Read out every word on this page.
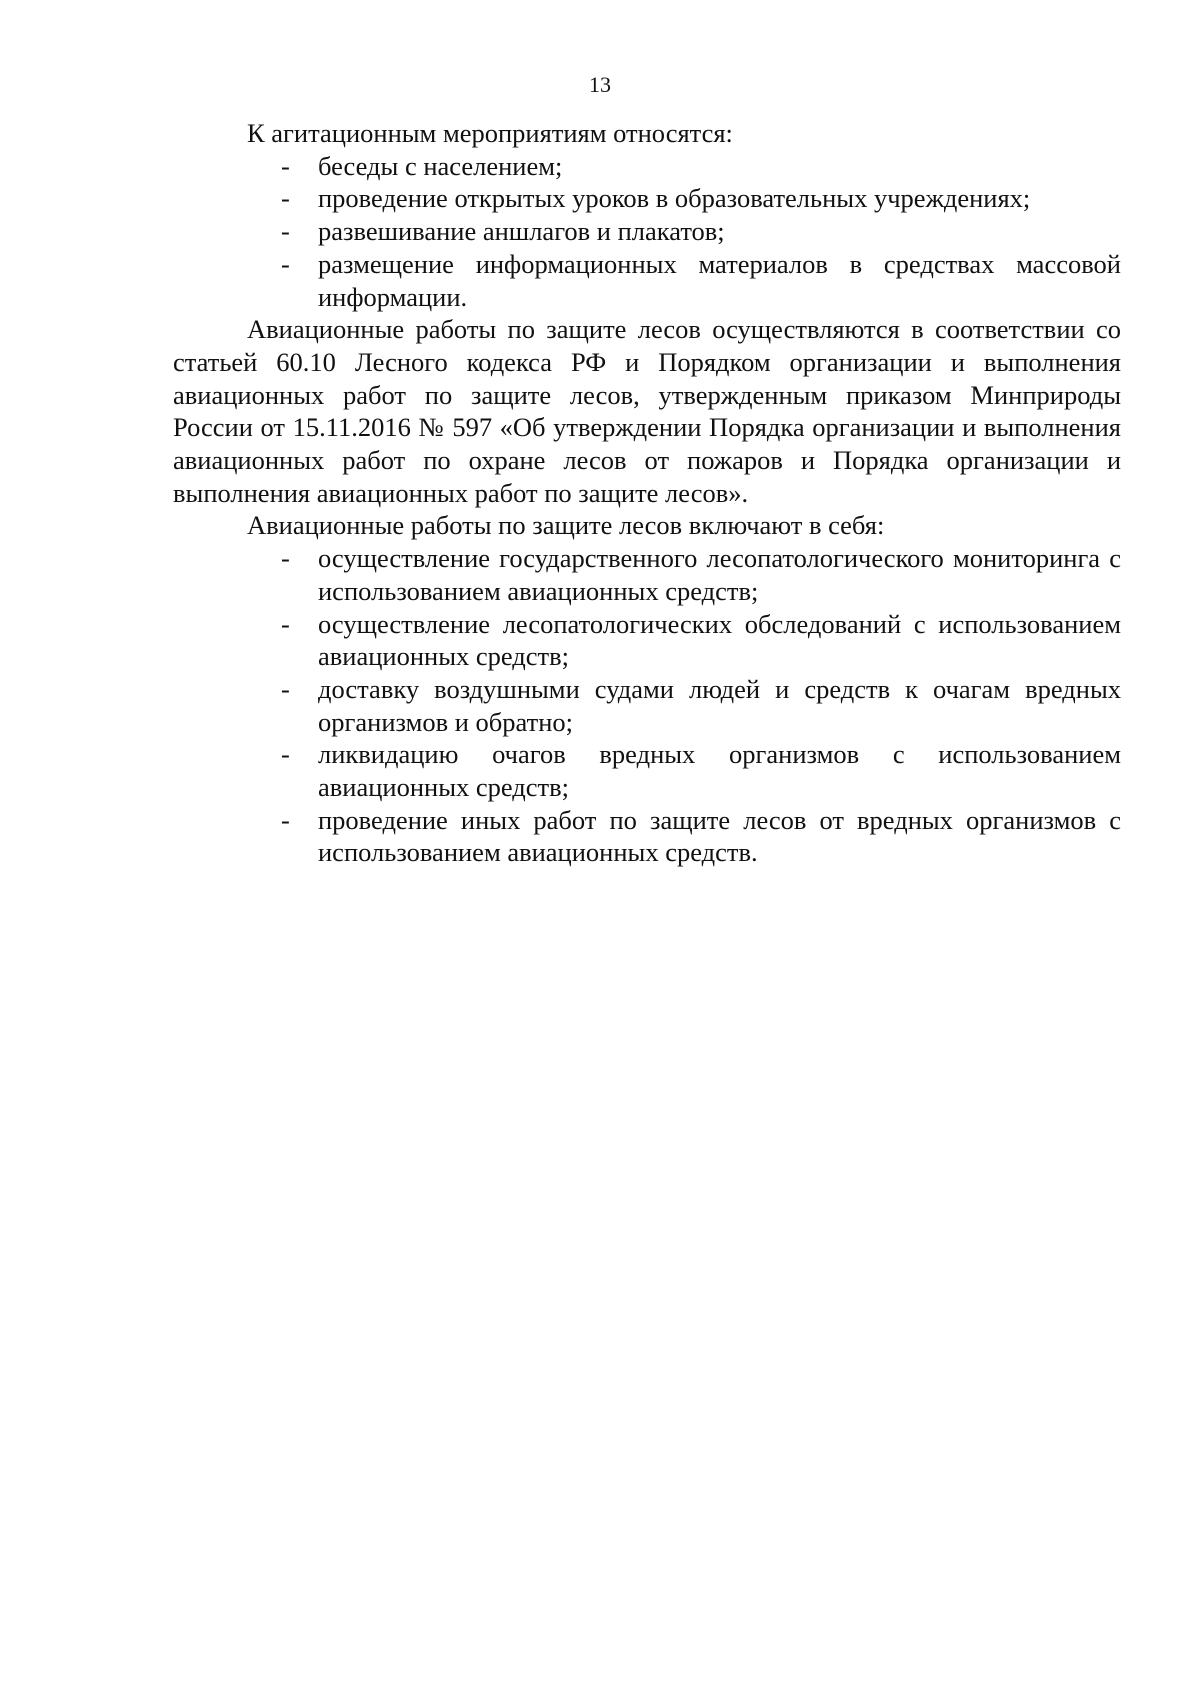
13

К агитационным мероприятиям относятся:

- беседы с населением;
- проведение открытых уроков в образовательных учреждениях;
- развешивание аншлагов и плакатов;
- размещение информационных материалов в средствах массовой информации.

Авиационные работы по защите лесов осуществляются в соответствии со статьей 60.10 Лесного кодекса РФ и Порядком организации и выполнения авиационных работ по защите лесов, утвержденным приказом Минприроды России от 15.11.2016 № 597 «Об утверждении Порядка организации и выполнения авиационных работ по охране лесов от пожаров и Порядка организации и выполнения авиационных работ по защите лесов».

Авиационные работы по защите лесов включают в себя:

- осуществление государственного лесопатологического мониторинга с использованием авиационных средств;
- осуществление лесопатологических обследований с использованием авиационных средств;
- доставку воздушными судами людей и средств к очагам вредных организмов и обратно;
- ликвидацию очагов вредных организмов с использованием авиационных средств;
- проведение иных работ по защите лесов от вредных организмов с использованием авиационных средств.
